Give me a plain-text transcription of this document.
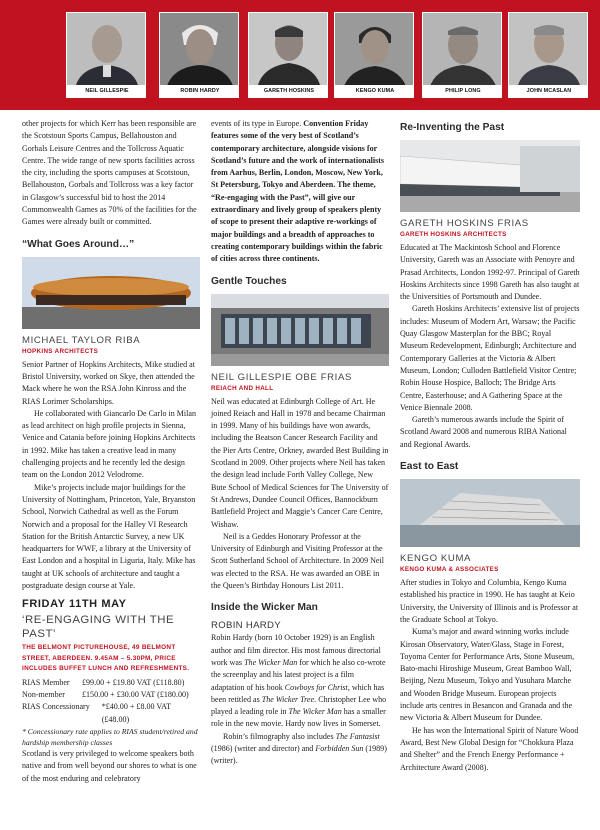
NEIL GILLESPIE	ROBIN HARDY	GARETH HOSKINS	KENGO KUMA	PHILIP LONG	JOHN MCASLAN

other projects for which Kerr has been responsible are the Scotstoun Sports Campus, Bellahouston and Gorbals Leisure Centres and the Tollcross Aquatic Centre. The wide range of new sports facilities across the city, including the sports campuses at Scotstoun, Bellahouston, Gorbals and Tollcross was a key factor in Glasgow’s successful bid to host the 2014 Commonwealth Games as 70% of the facilities for the Games were already built or committed.

“What Goes Around…”
MICHAEL TAYLOR RIBA
HOPKINS ARCHITECTS

Senior Partner of Hopkins Architects, Mike studied at Bristol University, worked on Skye, then attended the Mack where he won the RSA John Kinross and the RIAS Lorimer Scholarships.

He collaborated with Giancarlo De Carlo in Milan as lead architect on high profile projects in Sienna, Venice and Catania before joining Hopkins Architects in 1992. Mike has taken a creative lead in many challenging projects and he recently led the design team on the London 2012 Velodrome.

Mike’s projects include major buildings for the University of Nottingham, Princeton, Yale, Bryanston School, Norwich Cathedral as well as the Forum Norwich and a proposal for the Halley VI Research Station for the British Antarctic Survey, a new UK headquarters for WWF, a library at the University of East London and a hospital in Liguria, Italy. Mike has taught at UK schools of architecture and taught a postgraduate design course at Yale.

FRIDAY 11TH MAY
‘RE-ENGAGING WITH THE PAST’
THE BELMONT PICTUREHOUSE, 49 BELMONT STREET, ABERDEEN. 9.45AM – 5.30PM, PRICE INCLUDES BUFFET LUNCH AND REFRESHMENTS.
RIAS Member	£99.00 + £19.80 VAT (£118.80)
Non-member	£150.00 + £30.00 VAT (£180.00)
RIAS Concessionary	*£40.00 + £8.00 VAT (£48.00)

* Concessionary rate applies to RIAS student/retired and hardship membership classes

Scotland is very privileged to welcome speakers both native and from well beyond our shores to what is one of the most enduring and celebratory

events of its type in Europe. Convention Friday features some of the very best of Scotland’s contemporary architecture, alongside visions for Scotland’s future and the work of internationalists from Aarhus, Berlin, London, Moscow, New York, St Petersburg, Tokyo and Aberdeen. The theme, “Re-engaging with the Past”, will give our extraordinary and lively group of speakers plenty of scope to present their adaptive re-workings of major buildings and a breadth of approaches to creating contemporary buildings within the fabric of cities across three continents.

Gentle Touches
NEIL GILLESPIE OBE FRIAS
REIACH AND HALL

Neil was educated at Edinburgh College of Art. He joined Reiach and Hall in 1978 and became Chairman in 1999. Many of his buildings have won awards, including the Beatson Cancer Research Facility and the Pier Arts Centre, Orkney, awarded Best Building in Scotland in 2009. Other projects where Neil has taken the design lead include Forth Valley College, New Bute School of Medical Sciences for The University of St Andrews, Dundee Council Offices, Bannockburn Battlefield Project and Maggie’s Cancer Care Centre, Wishaw.

Neil is a Geddes Honorary Professor at the University of Edinburgh and Visiting Professor at the Scott Sutherland School of Architecture. In 2009 Neil was elected to the RSA. He was awarded an OBE in the Queen’s Birthday Honours List 2011.

Inside the Wicker Man
ROBIN HARDY

Robin Hardy (born 10 October 1929) is an English author and film director. His most famous directorial work was The Wicker Man for which he also co-wrote the screenplay and his latest project is a film adaptation of his book Cowboys for Christ, which has been retitled as The Wicker Tree. Christopher Lee who played a leading role in The Wicker Man has a smaller role in the new movie. Hardy now lives in Somerset.

Robin’s filmography also includes The Fantasist (1986) (writer and director) and Forbidden Sun (1989) (writer).

Re-Inventing the Past
GARETH HOSKINS FRIAS
GARETH HOSKINS ARCHITECTS

Educated at The Mackintosh School and Florence University, Gareth was an Associate with Penoyre and Prasad Architects, London 1992-97. Principal of Gareth Hoskins Architects since 1998 Gareth has also taught at the Universities of Portsmouth and Dundee.

Gareth Hoskins Architects’ extensive list of projects includes: Museum of Modern Art, Warsaw; the Pacific Quay Glasgow Masterplan for the BBC; Royal Museum Redevelopment, Edinburgh; Architecture and Contemporary Galleries at the Victoria & Albert Museum, London; Culloden Battlefield Visitor Centre; Robin House Hospice, Balloch; The Bridge Arts Centre, Easterhouse; and A Gathering Space at the Venice Biennale 2008.

Gareth’s numerous awards include the Spirit of Scotland Award 2008 and numerous RIBA National and Regional Awards.

East to East
KENGO KUMA
KENGO KUMA & ASSOCIATES

After studies in Tokyo and Columbia, Kengo Kuma established his practice in 1990. He has taught at Keio University, the University of Illinois and is Professor at the Graduate School at Tokyo.

Kuma’s major and award winning works include Kirosan Observatory, Water/Glass, Stage in Forest, Toyoma Center for Performance Arts, Stone Museum, Bato-machi Hiroshige Museum, Great Bamboo Wall, Beijing, Nezu Museum, Tokyo and Yusuhara Marche and Wooden Bridge Museum. European projects include arts centres in Besancon and Granada and the new Victoria & Albert Museum for Dundee.

He has won the International Spirit of Nature Wood Award, Best New Global Design for “Chokkura Plaza and Shelter” and the French Energy Performance + Architecture Award (2008).
